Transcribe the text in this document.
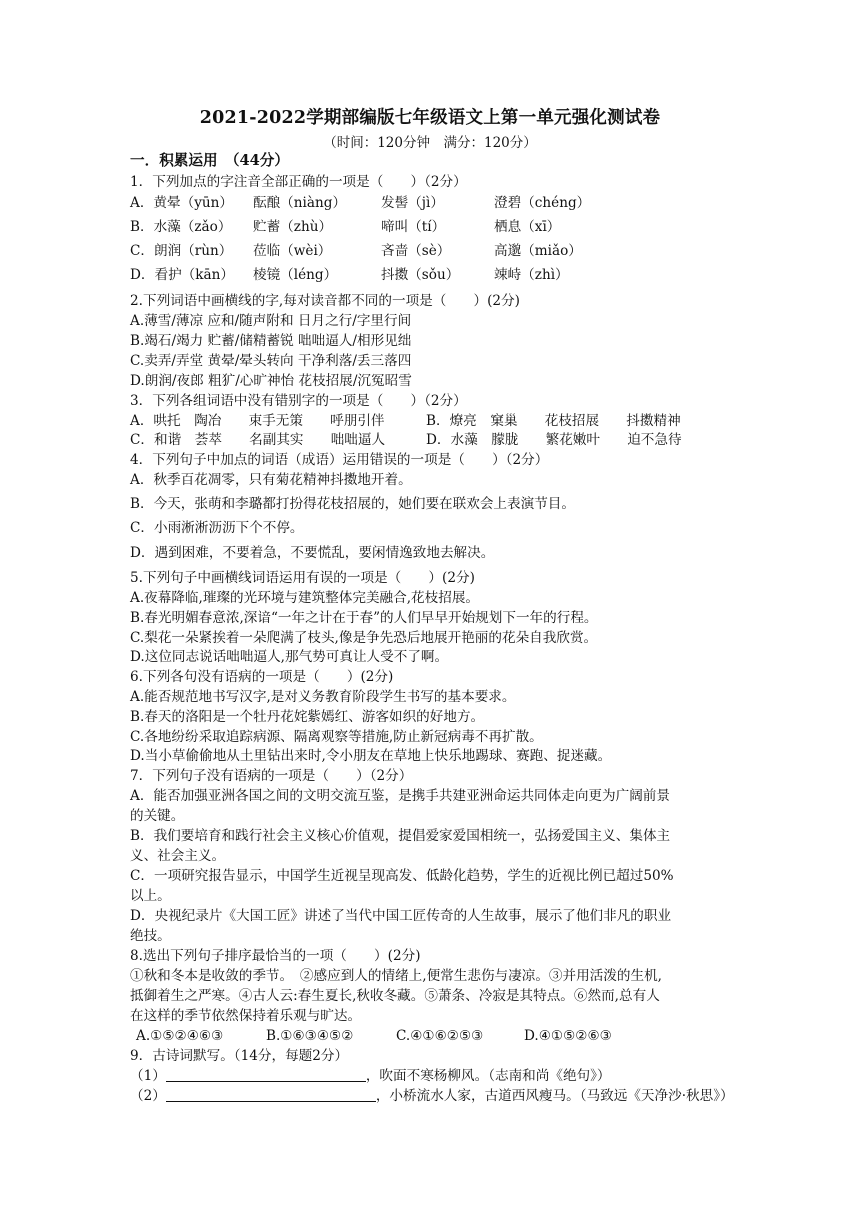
2021-2022学期部编版七年级语文上第一单元强化测试卷
（时间：120分钟　满分：120分）
一．积累运用　（44分）
1．下列加点的字注音全部正确的一项是（　　）（2分）
A．黄晕（yūn） 酝酿（niàng）	发髻（jì）	澄碧（chéng）
B．水藻（zǎo） 贮蓄（zhù）	啼叫（tí）	栖息（xī）
C．朗润（rùn） 莅临（wèi）	吝啬（sè）	高邈（miǎo）
D．看护（kān） 棱镜（léng）	抖擞（sǒu）	竦峙（zhì）
2.下列词语中画横线的字,每对读音都不同的一项是（　　）(2分)
A.薄雪/薄凉 应和/随声附和 日月之行/字里行间
B.竭石/竭力 贮蓄/储精蓄锐 咄咄逼人/相形见绌
C.卖弄/弄堂 黄晕/晕头转向 干净利落/丢三落四
D.朗润/夜郎 粗犷/心旷神怡 花枝招展/沉冤昭雪
3．下列各组词语中没有错别字的一项是（　　）（2分）
A．哄托　陶冶　　束手无策　　呼朋引伴	B．燎亮　窠巢　　花枝招展　　抖擞精神
C．和谐　荟萃　　名副其实　　咄咄逼人	D．水藻　朦胧　　繁花嫩叶　　迫不急待
4．下列句子中加点的词语（成语）运用错误的一项是（　　）（2分）
A．秋季百花凋零，只有菊花精神抖擞地开着。
B．今天，张萌和李璐都打扮得花枝招展的，她们要在联欢会上表演节目。
C．小雨淅淅沥沥下个不停。
D．遇到困难，不要着急，不要慌乱，要闲情逸致地去解决。
5.下列句子中画横线词语运用有误的一项是（　　）(2分)
A.夜幕降临,璀璨的光环境与建筑整体完美融合,花枝招展。
B.春光明媚春意浓,深谙“一年之计在于春”的人们早早开始规划下一年的行程。
C.梨花一朵紧挨着一朵爬满了枝头,像是争先恐后地展开艳丽的花朵自我欣赏。
D.这位同志说话咄咄逼人,那气势可真让人受不了啊。
6.下列各句没有语病的一项是（　　）(2分)
A.能否规范地书写汉字,是对义务教育阶段学生书写的基本要求。
B.春天的洛阳是一个牡丹花姹紫嫣红、游客如织的好地方。
C.各地纷纷采取追踪病源、隔离观察等措施,防止新冠病毒不再扩散。
D.当小草偷偷地从土里钻出来时,令小朋友在草地上快乐地踢球、赛跑、捉迷藏。
7．下列句子没有语病的一项是（　　）（2分）
A．能否加强亚洲各国之间的文明交流互鉴，是携手共建亚洲命运共同体走向更为广阔前景
的关键。
B．我们要培育和践行社会主义核心价值观，提倡爱家爱国相统一，弘扬爱国主义、集体主
义、社会主义。
C．一项研究报告显示，中国学生近视呈现高发、低龄化趋势，学生的近视比例已超过50%
以上。
D．央视纪录片《大国工匠》讲述了当代中国工匠传奇的人生故事，展示了他们非凡的职业
绝技。
8.选出下列句子排序最恰当的一项（　　）(2分)
①秋和冬本是收敛的季节。　②感应到人的情绪上,便常生悲伤与凄凉。③并用活泼的生机,
抵御着生之严寒。④古人云:春生夏长,秋收冬藏。⑤萧条、冷寂是其特点。⑥然而,总有人
在这样的季节依然保持着乐观与旷达。
A.①⑤②④⑥③	B.①⑥③④⑤②	C.④①⑥②⑤③	D.④①⑤②⑥③
9．古诗词默写。（14分，每题2分）
（1）	，吹面不寒杨柳风。（志南和尚《绝句》）
（2）	，小桥流水人家，古道西风瘦马。（马致远《天净沙·秋思》）
